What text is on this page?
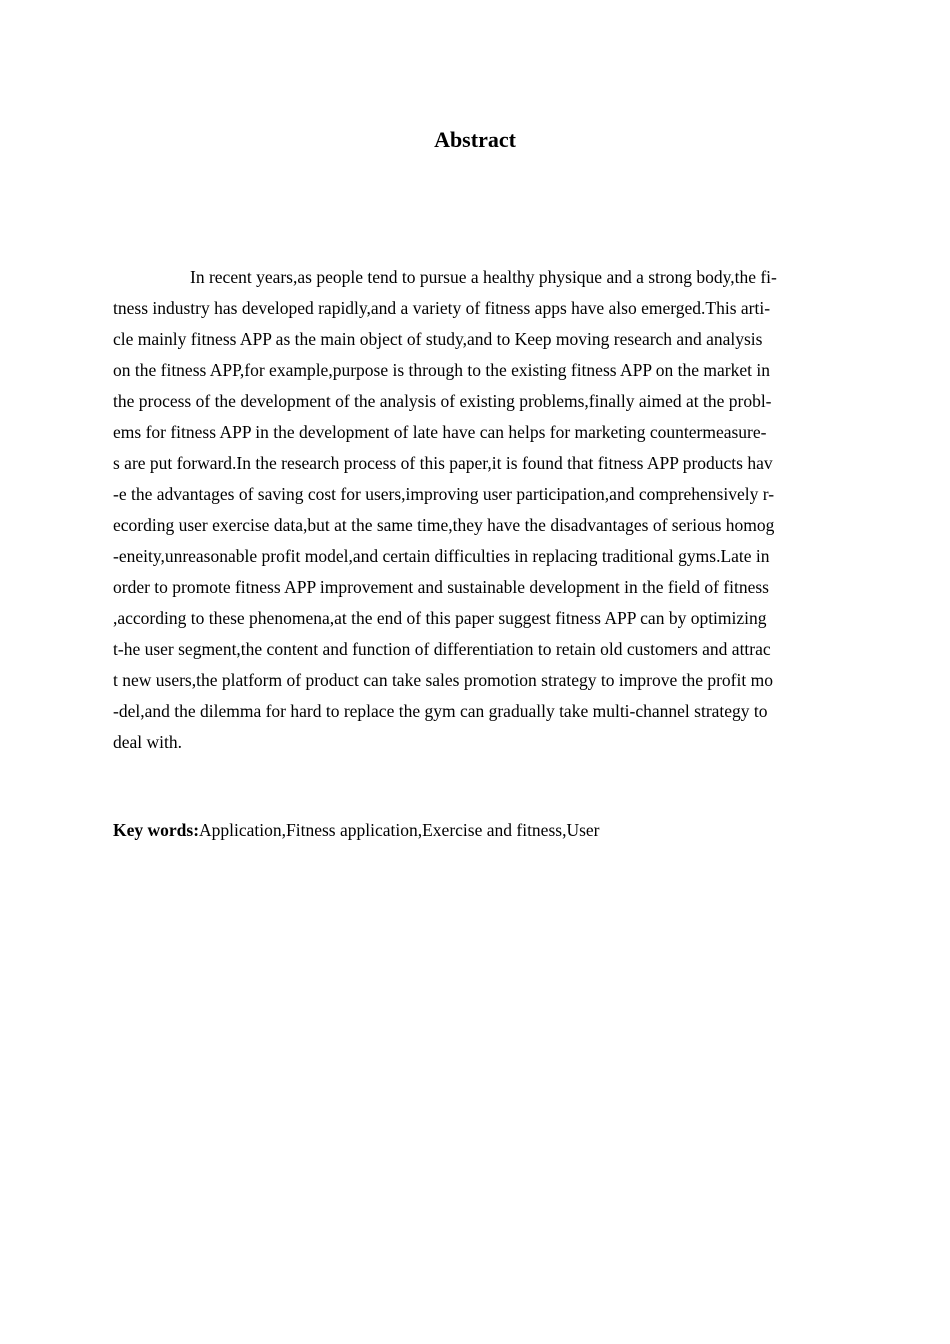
Abstract
In recent years,as people tend to pursue a healthy physique and a strong body,the fi-
tness industry has developed rapidly,and a variety of fitness apps have also emerged.This arti-
cle mainly fitness APP as the main object of study,and to Keep moving research and analysis
on the fitness APP,for example,purpose is through to the existing fitness APP on the market in
the process of the development of the analysis of existing problems,finally aimed at the probl-
ems for fitness APP in the development of late have can helps for marketing countermeasure-
s are put forward.In the research process of this paper,it is found that fitness APP products hav
-e the advantages of saving cost for users,improving user participation,and comprehensively r-
ecording user exercise data,but at the same time,they have the disadvantages of serious homog
-eneity,unreasonable profit model,and certain difficulties in replacing traditional gyms.Late in
order to promote fitness APP improvement and sustainable development in the field of fitness
,according to these phenomena,at the end of this paper suggest fitness APP can by optimizing
t-he user segment,the content and function of differentiation to retain old customers and attrac
t new users,the platform of product can take sales promotion strategy to improve the profit mo
-del,and the dilemma for hard to replace the gym can gradually take multi-channel strategy to
deal with.

Key words:Application,Fitness application,Exercise and fitness,User
